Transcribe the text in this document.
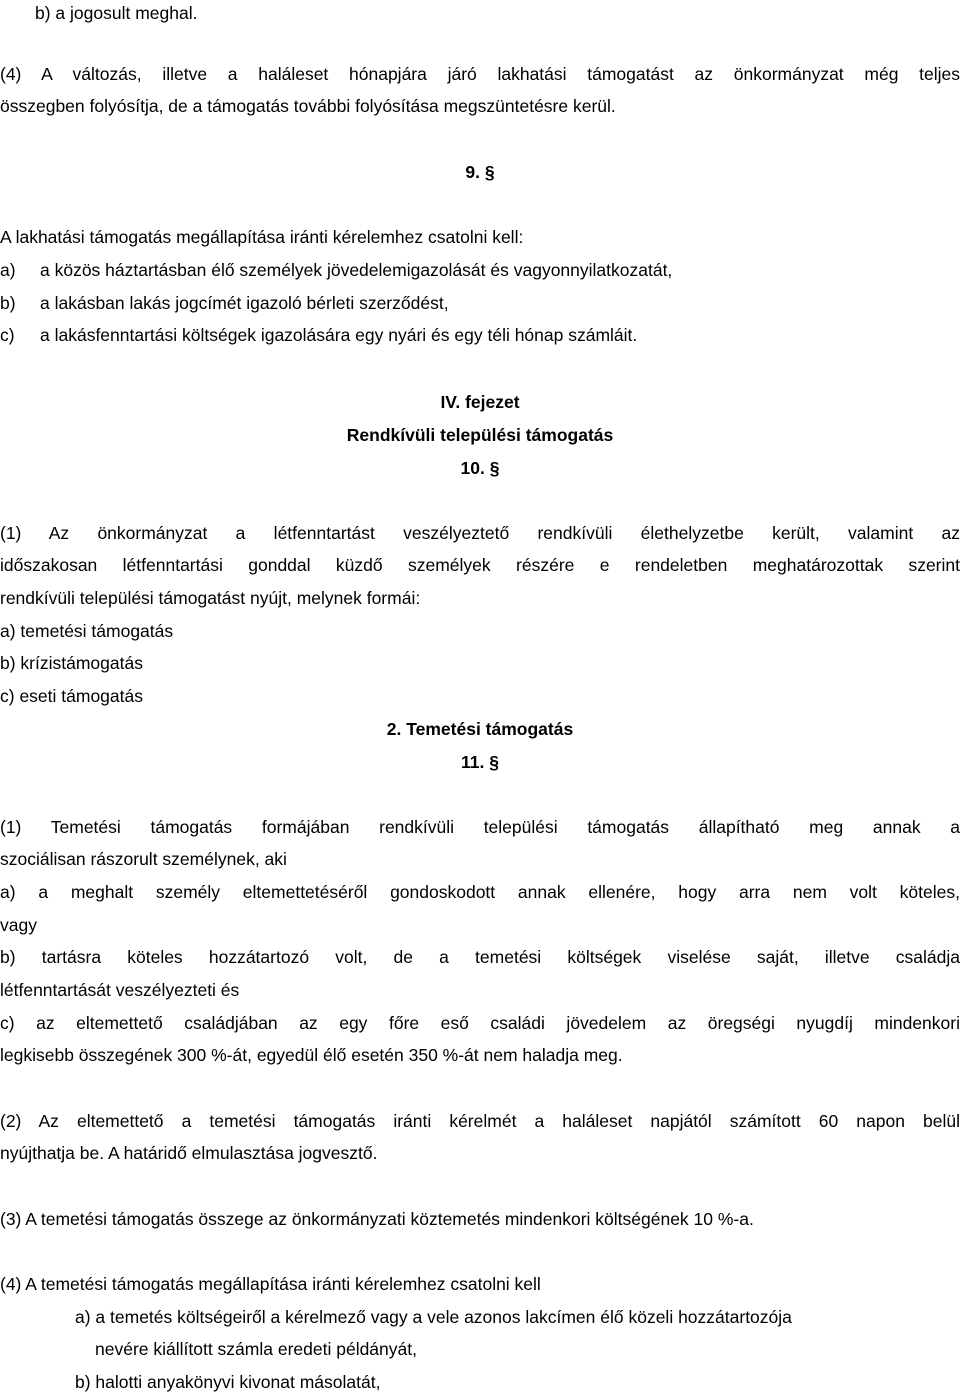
b) a jogosult meghal.
(4) A változás, illetve a haláleset hónapjára járó lakhatási támogatást az önkormányzat még teljes
összegben folyósítja, de a támogatás további folyósítása megszüntetésre kerül.
9. §
A lakhatási támogatás megállapítása iránti kérelemhez csatolni kell:
a) a közös háztartásban élő személyek jövedelemigazolását és vagyonnyilatkozatát,
b) a lakásban lakás jogcímét igazoló bérleti szerződést,
c) a lakásfenntartási költségek igazolására egy nyári és egy téli hónap számláit.
IV. fejezet
Rendkívüli települési támogatás
10. §
(1) Az önkormányzat a létfenntartást veszélyeztető rendkívüli élethelyzetbe került, valamint az
időszakosan létfenntartási gonddal küzdő személyek részére e rendeletben meghatározottak szerint
rendkívüli települési támogatást nyújt, melynek formái:
a) temetési támogatás
b) krízistámogatás
c) eseti támogatás
2. Temetési támogatás
11. §
(1) Temetési támogatás formájában rendkívüli települési támogatás állapítható meg annak a
szociálisan rászorult személynek, aki
a) a meghalt személy eltemettetéséről gondoskodott annak ellenére, hogy arra nem volt köteles,
vagy
b) tartásra köteles hozzátartozó volt, de a temetési költségek viselése saját, illetve családja
létfenntartását veszélyezteti és
c) az eltemettető családjában az egy főre eső családi jövedelem az öregségi nyugdíj mindenkori
legkisebb összegének 300 %-át, egyedül élő esetén 350 %-át nem haladja meg.
(2) Az eltemettető a temetési támogatás iránti kérelmét a haláleset napjától számított 60 napon belül
nyújthatja be. A határidő elmulasztása jogvesztő.
(3) A temetési támogatás összege az önkormányzati köztemetés mindenkori költségének 10 %-a.
(4) A temetési támogatás megállapítása iránti kérelemhez csatolni kell
a) a temetés költségeiről a kérelmező vagy a vele azonos lakcímen élő közeli hozzátartozója
nevére kiállított számla eredeti példányát,
b) halotti anyakönyvi kivonat másolatát,
